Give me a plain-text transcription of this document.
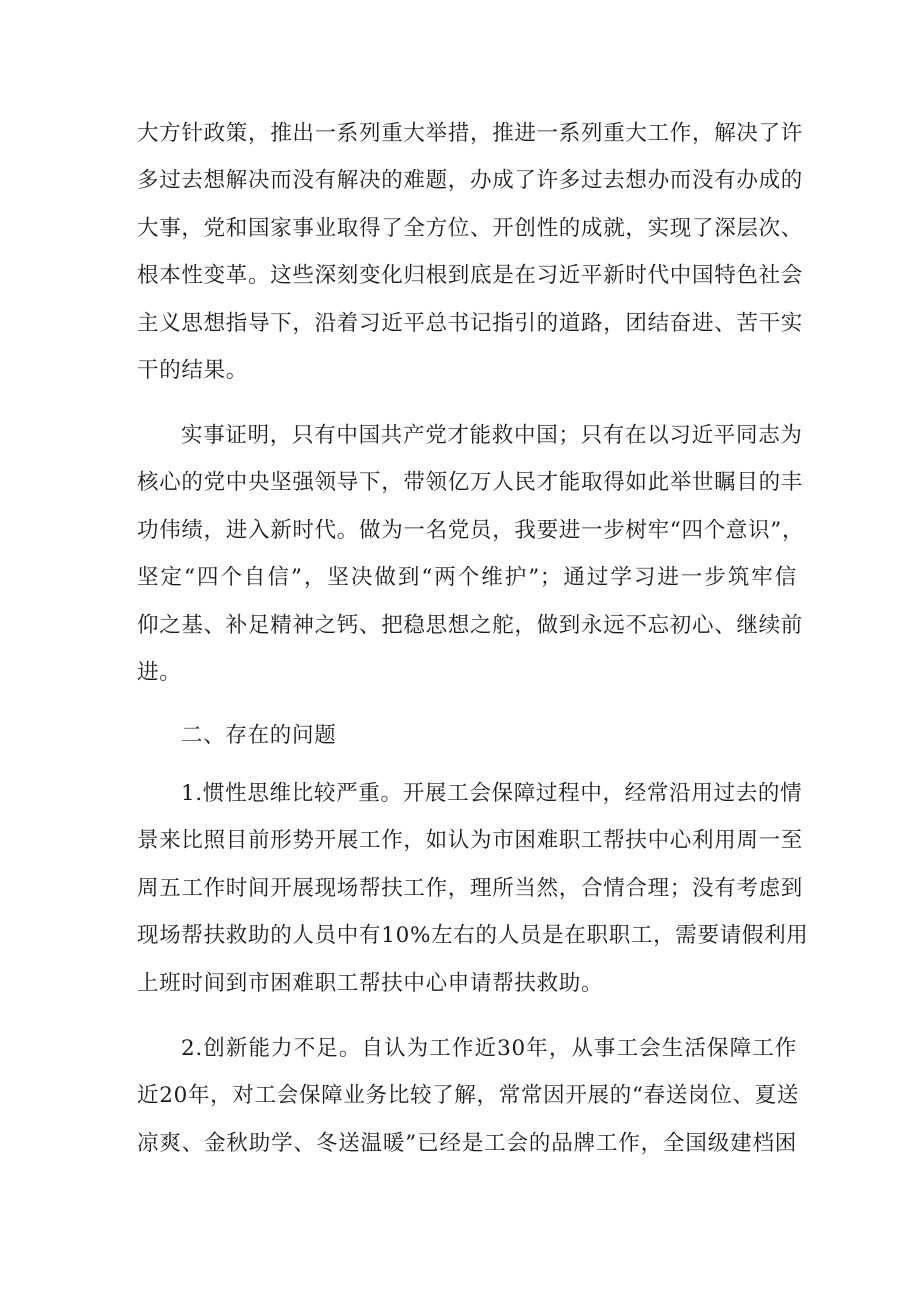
大方针政策，推出一系列重大举措，推进一系列重大工作，解决了许
多过去想解决而没有解决的难题，办成了许多过去想办而没有办成的
大事，党和国家事业取得了全方位、开创性的成就，实现了深层次、
根本性变革。这些深刻变化归根到底是在习近平新时代中国特色社会
主义思想指导下，沿着习近平总书记指引的道路，团结奋进、苦干实
干的结果。
实事证明，只有中国共产党才能救中国；只有在以习近平同志为
核心的党中央坚强领导下，带领亿万人民才能取得如此举世瞩目的丰
功伟绩，进入新时代。做为一名党员，我要进一步树牢“四个意识”，
坚定“四个自信”，坚决做到“两个维护”；通过学习进一步筑牢信
仰之基、补足精神之钙、把稳思想之舵，做到永远不忘初心、继续前
进。
二、存在的问题
1.惯性思维比较严重。开展工会保障过程中，经常沿用过去的情
景来比照目前形势开展工作，如认为市困难职工帮扶中心利用周一至
周五工作时间开展现场帮扶工作，理所当然，合情合理；没有考虑到
现场帮扶救助的人员中有10%左右的人员是在职职工，需要请假利用
上班时间到市困难职工帮扶中心申请帮扶救助。
2.创新能力不足。自认为工作近30年，从事工会生活保障工作
近20年，对工会保障业务比较了解，常常因开展的“春送岗位、夏送
凉爽、金秋助学、冬送温暖”已经是工会的品牌工作，全国级建档困
